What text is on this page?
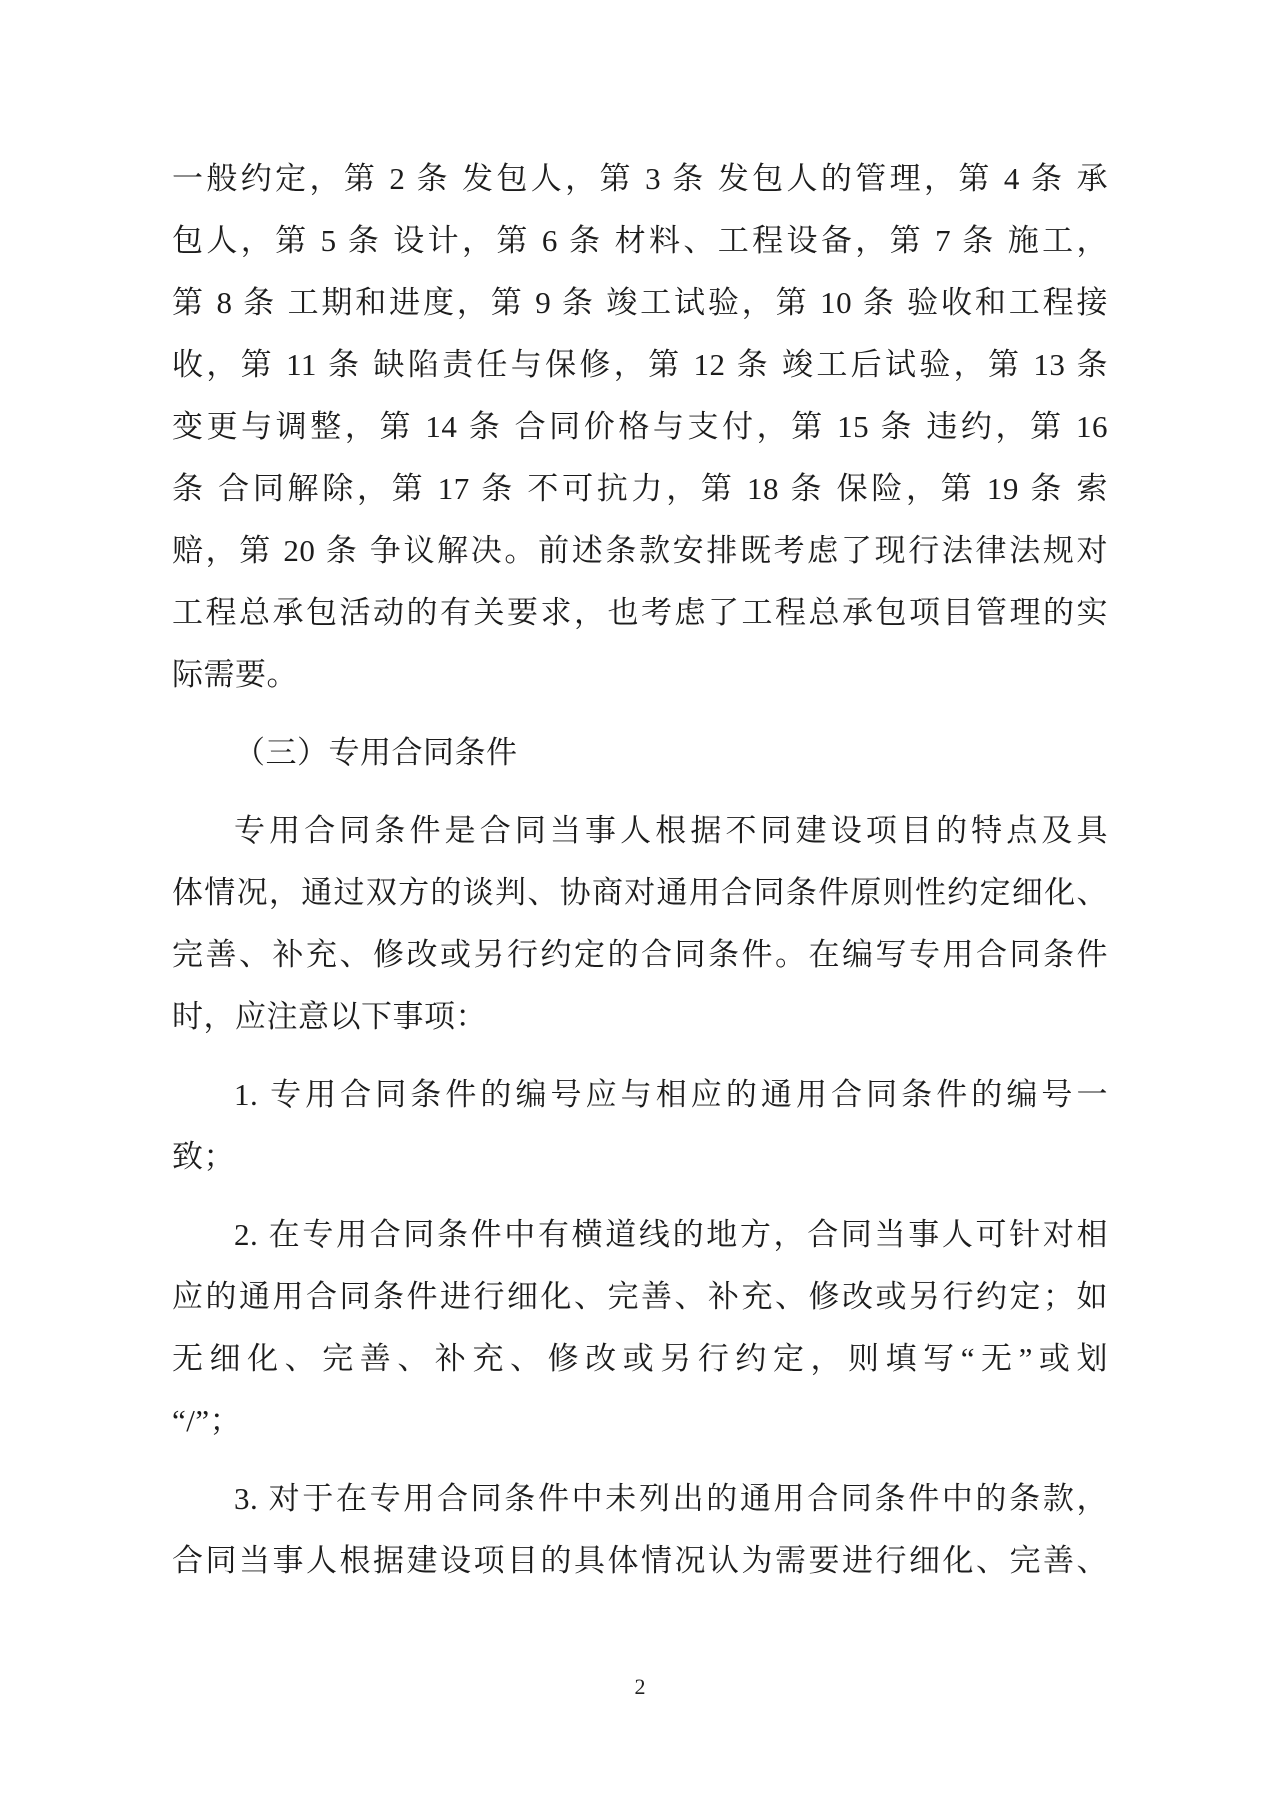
一般约定，第 2 条 发包人，第 3 条 发包人的管理，第 4 条 承
包人，第 5 条 设计，第 6 条 材料、工程设备，第 7 条 施工，
第 8 条 工期和进度，第 9 条 竣工试验，第 10 条 验收和工程接
收，第 11 条 缺陷责任与保修，第 12 条 竣工后试验，第 13 条
变更与调整，第 14 条 合同价格与支付，第 15 条 违约，第 16
条 合同解除，第 17 条 不可抗力，第 18 条 保险，第 19 条 索
赔，第 20 条 争议解决。前述条款安排既考虑了现行法律法规对
工程总承包活动的有关要求，也考虑了工程总承包项目管理的实
际需要。
（三）专用合同条件
专用合同条件是合同当事人根据不同建设项目的特点及具
体情况，通过双方的谈判、协商对通用合同条件原则性约定细化、
完善、补充、修改或另行约定的合同条件。在编写专用合同条件
时，应注意以下事项：
1. 专用合同条件的编号应与相应的通用合同条件的编号一
致；
2. 在专用合同条件中有横道线的地方，合同当事人可针对相
应的通用合同条件进行细化、完善、补充、修改或另行约定；如
无细化、完善、补充、修改或另行约定，则填写“无”或划
“/”；
3. 对于在专用合同条件中未列出的通用合同条件中的条款，
合同当事人根据建设项目的具体情况认为需要进行细化、完善、
2
